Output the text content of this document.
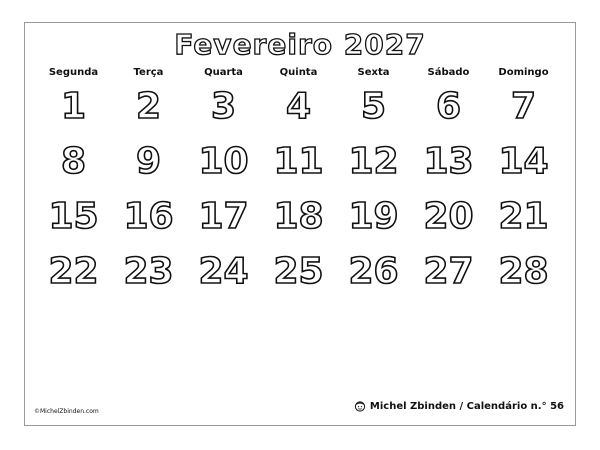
Fevereiro 2027
Segunda	Terça	Quarta	Quinta	Sexta	Sábado	Domingo
1	2	3	4	5	6	7
8	9	10 11 12 13 14
15 16 17 18 19 20 21
22 23 24 25 26 27 28
©MichelZbinden.com	Michel Zbinden / Calendário n.° 56
